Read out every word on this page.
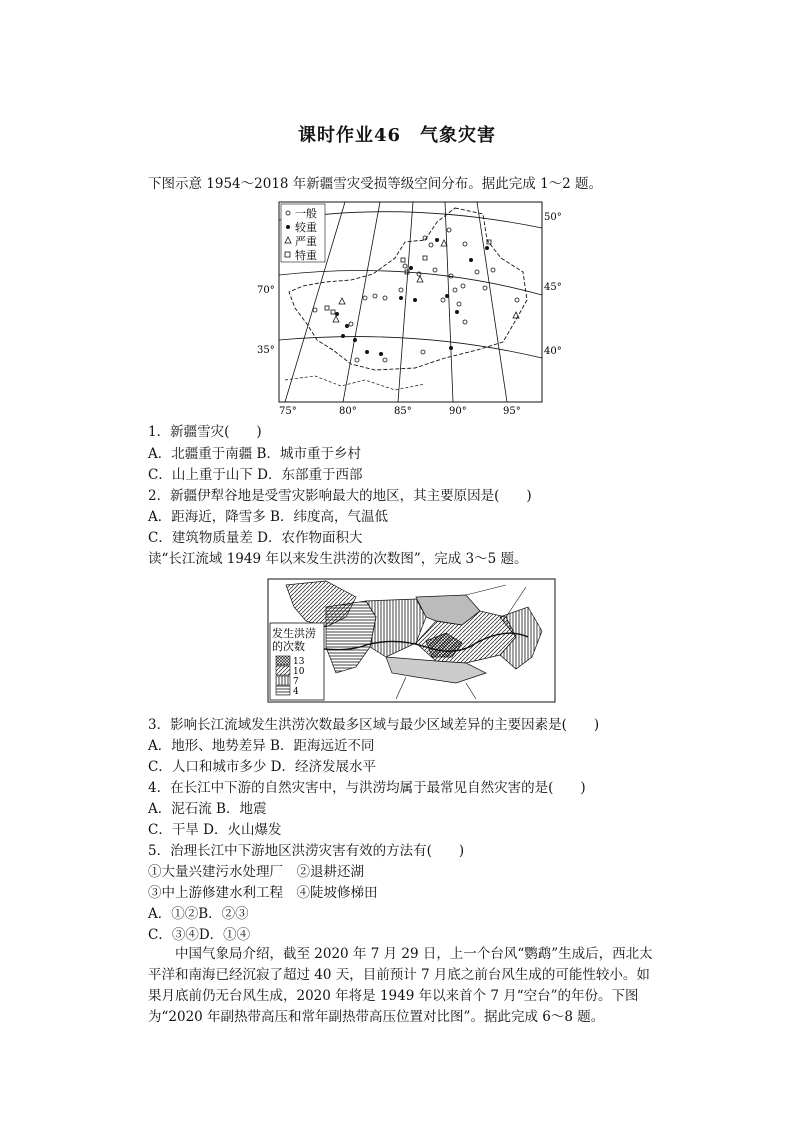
课时作业46　气象灾害
下图示意 1954～2018 年新疆雪灾受损等级空间分布。据此完成 1～2 题。
一般
较重
严重
特重
50°
45°
40°
70°
35°
75°	80°	85°	90°	95°
1．新疆雪灾(　　)
A．北疆重于南疆 B．城市重于乡村
C．山上重于山下 D．东部重于西部
2．新疆伊犁谷地是受雪灾影响最大的地区，其主要原因是(　　)
A．距海近，降雪多 B．纬度高，气温低
C．建筑物质量差 D．农作物面积大
读“长江流域 1949 年以来发生洪涝的次数图”，完成 3～5 题。
发生洪涝
的次数
13
10
7
4
3．影响长江流域发生洪涝次数最多区域与最少区域差异的主要因素是(　　)
A．地形、地势差异 B．距海远近不同
C．人口和城市多少 D．经济发展水平
4．在长江中下游的自然灾害中，与洪涝均属于最常见自然灾害的是(　　)
A．泥石流 B．地震
C．干旱 D．火山爆发
5．治理长江中下游地区洪涝灾害有效的方法有(　　)
①大量兴建污水处理厂　②退耕还湖
③中上游修建水利工程　④陡坡修梯田
A．①②B．②③
C．③④D．①④
中国气象局介绍，截至 2020 年 7 月 29 日，上一个台风“鹦鹉”生成后，西北太平洋和南海已经沉寂了超过 40 天，目前预计 7 月底之前台风生成的可能性较小。如果月底前仍无台风生成，2020 年将是 1949 年以来首个 7 月“空台”的年份。下图为“2020 年副热带高压和常年副热带高压位置对比图”。据此完成 6～8 题。
